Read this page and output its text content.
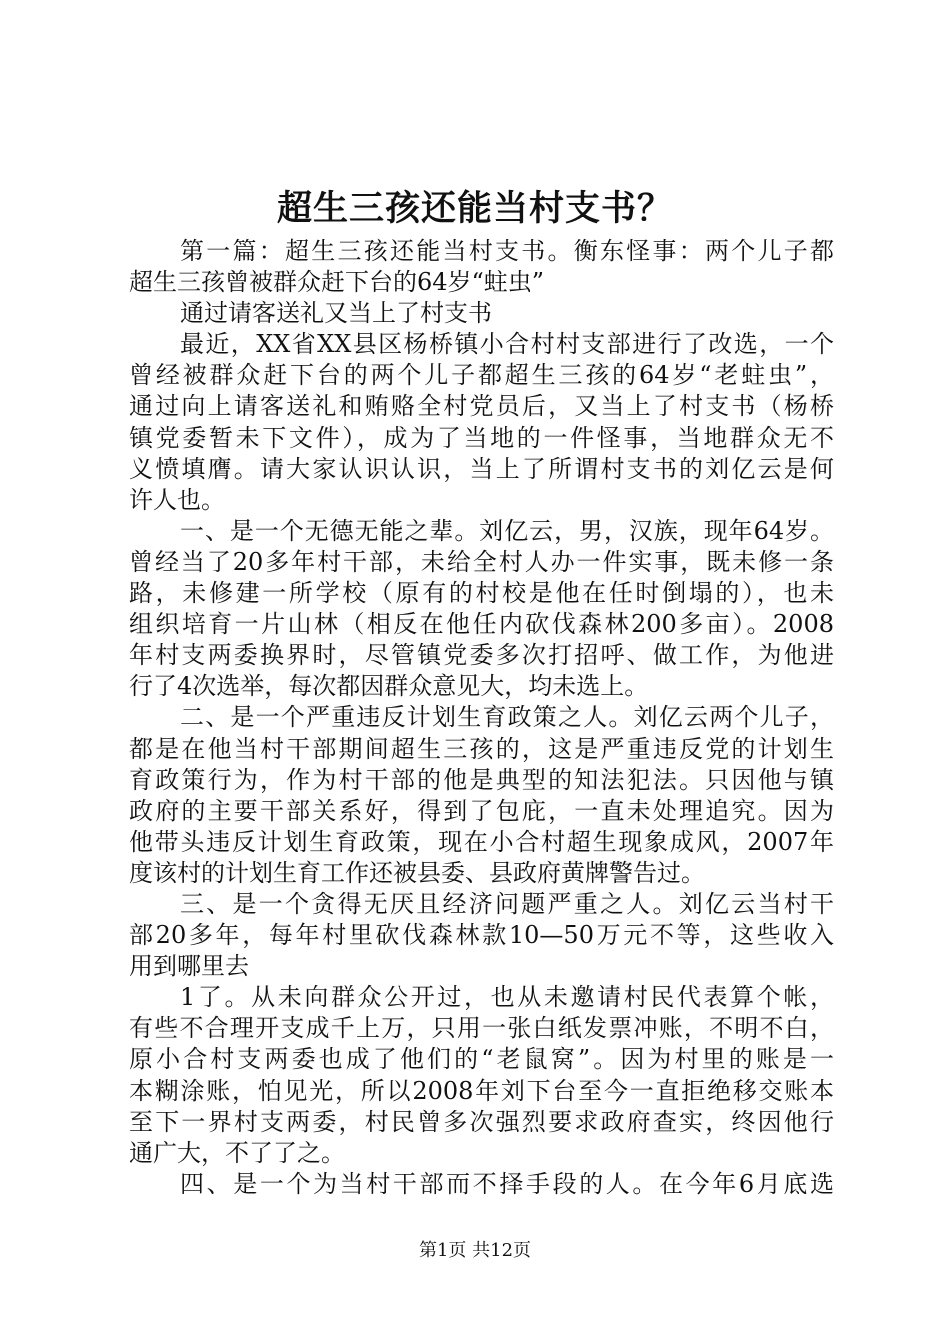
超生三孩还能当村支书？
第一篇：超生三孩还能当村支书。衡东怪事：两个儿子都
超生三孩曾被群众赶下台的64岁“蛀虫”
通过请客送礼又当上了村支书
最近，XX省XX县区杨桥镇小合村村支部进行了改选，一个
曾经被群众赶下台的两个儿子都超生三孩的64岁“老蛀虫”，
通过向上请客送礼和贿赂全村党员后，又当上了村支书（杨桥
镇党委暂未下文件），成为了当地的一件怪事，当地群众无不
义愤填膺。请大家认识认识，当上了所谓村支书的刘亿云是何
许人也。
一、是一个无德无能之辈。刘亿云，男，汉族，现年64岁。
曾经当了20多年村干部，未给全村人办一件实事，既未修一条
路，未修建一所学校（原有的村校是他在任时倒塌的），也未
组织培育一片山林（相反在他任内砍伐森林200多亩）。2008
年村支两委换界时，尽管镇党委多次打招呼、做工作，为他进
行了4次选举，每次都因群众意见大，均未选上。
二、是一个严重违反计划生育政策之人。刘亿云两个儿子，
都是在他当村干部期间超生三孩的，这是严重违反党的计划生
育政策行为，作为村干部的他是典型的知法犯法。只因他与镇
政府的主要干部关系好，得到了包庇，一直未处理追究。因为
他带头违反计划生育政策，现在小合村超生现象成风，2007年
度该村的计划生育工作还被县委、县政府黄牌警告过。
三、是一个贪得无厌且经济问题严重之人。刘亿云当村干
部20多年，每年村里砍伐森林款10—50万元不等，这些收入
用到哪里去
1了。从未向群众公开过，也从未邀请村民代表算个帐，
有些不合理开支成千上万，只用一张白纸发票冲账，不明不白，
原小合村支两委也成了他们的“老鼠窝”。因为村里的账是一
本糊涂账，怕见光，所以2008年刘下台至今一直拒绝移交账本
至下一界村支两委，村民曾多次强烈要求政府查实，终因他行
通广大，不了了之。
四、是一个为当村干部而不择手段的人。在今年6月底选
第1页 共12页
